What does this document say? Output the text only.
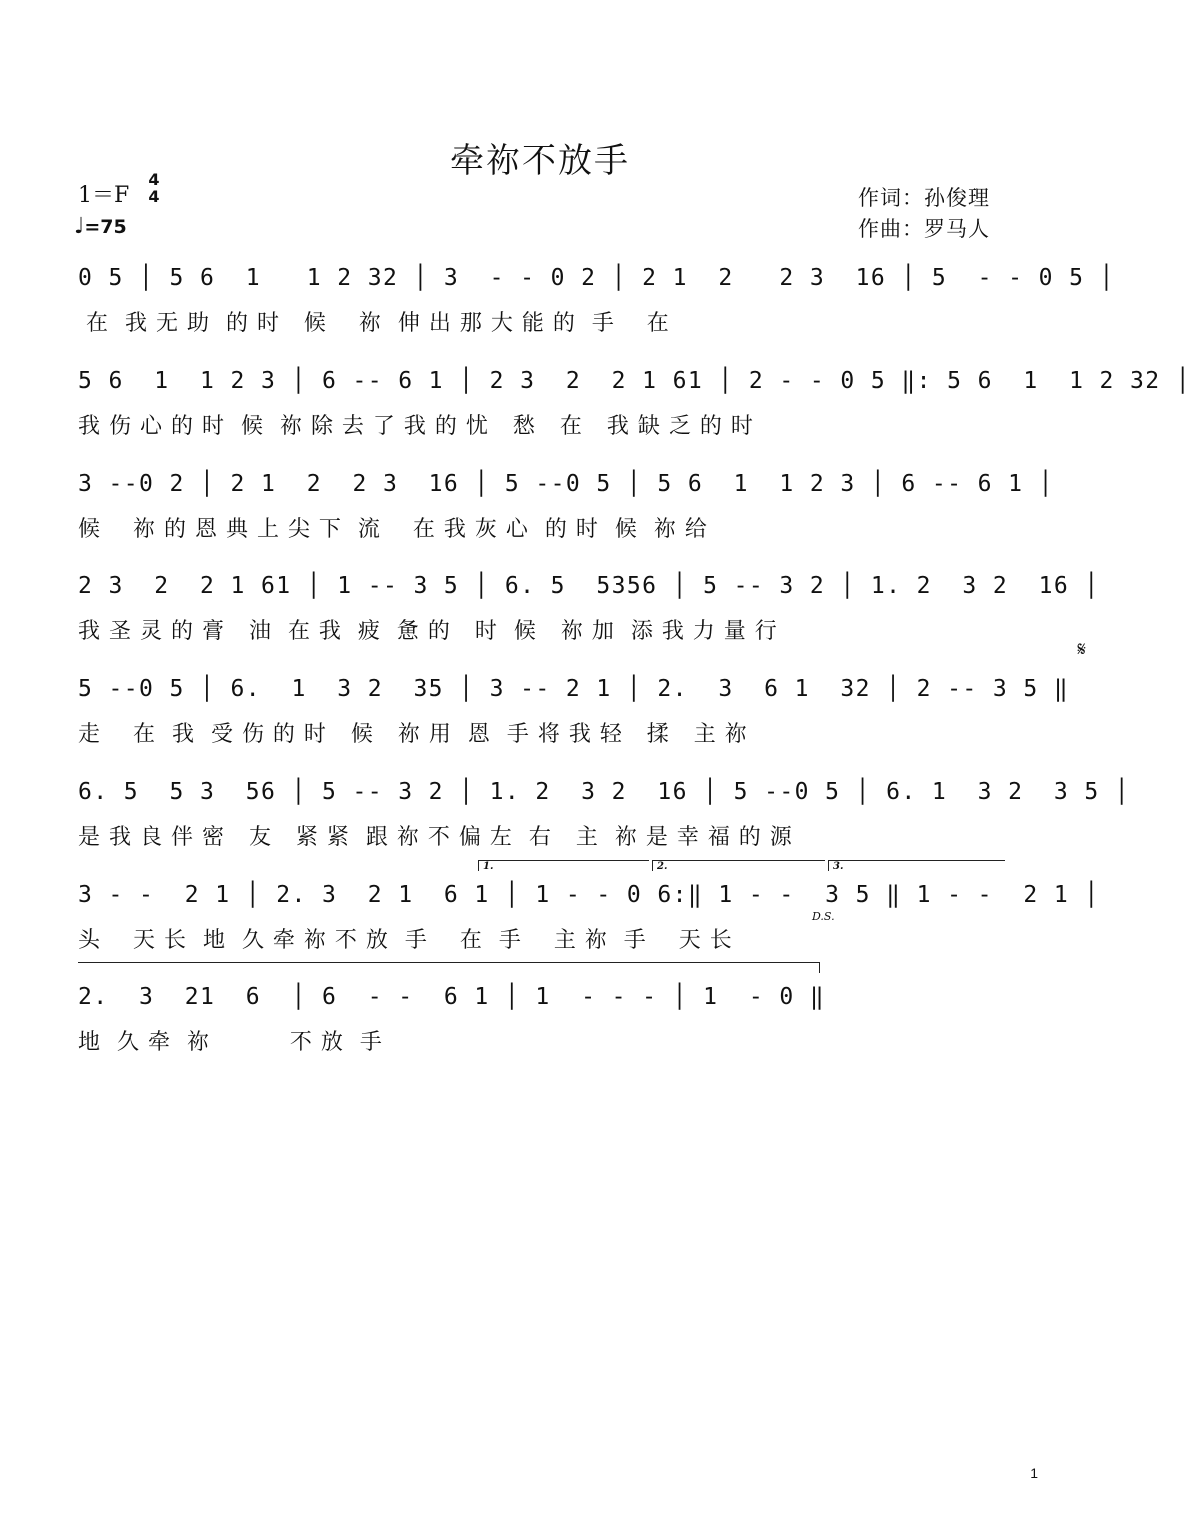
牵祢不放手
1＝F
4
4
♩=75
作词：孙俊理
作曲：罗马人
0 5 │ 5 6  1   1 2 32 │ 3  - - 0 2 │ 2 1  2   2 3  16 │ 5  - - 0 5 │
在  我 无 助  的 时   候    祢  伸 出 那 大 能 的  手    在
5 6  1  1 2 3 │ 6 -- 6 1 │ 2 3  2  2 1 61 │ 2 - - 0 5 ‖: 5 6  1  1 2 32 │
我 伤 心 的 时  候  祢 除 去 了 我 的 忧   愁   在   我 缺 乏 的 时
3 --0 2 │ 2 1  2  2 3  16 │ 5 --0 5 │ 5 6  1  1 2 3 │ 6 -- 6 1 │
候    祢 的 恩 典 上 尖 下  流    在 我 灰 心  的 时  候  祢 给
2 3  2  2 1 61 │ 1 -- 3 5 │ 6. 5  5356 │ 5 -- 3 2 │ 1. 2  3 2  16 │
我 圣 灵 的 膏   油  在 我  疲  惫 的   时  候   祢 加  添 我 力 量 行
5 --0 5 │ 6.  1  3 2  35 │ 3 -- 2 1 │ 2.  3  6 1  32 │ 2 -- 3 5 ‖
走    在  我  受 伤 的 时   候   祢 用  恩  手 将 我 轻   揉   主 祢
6. 5  5 3  56 │ 5 -- 3 2 │ 1. 2  3 2  16 │ 5 --0 5 │ 6. 1  3 2  3 5 │
是 我 良 伴 密   友   紧 紧  跟 祢 不 偏 左  右   主  祢 是 幸 福 的 源
1.	2.	3.
3 - -  2 1 │ 2. 3  2 1  6 1 │ 1 - - 0 6:‖ 1 - -  3 5 ‖ 1 - -  2 1 │
头    天 长  地  久 牵 祢 不 放  手    在  手    主 祢  手    天 长
2.  3  21  6  │ 6  - -  6 1 │ 1  - - - │ 1  - 0 ‖
地  久 牵  祢          不 放  手
𝄋
D.S.
1
